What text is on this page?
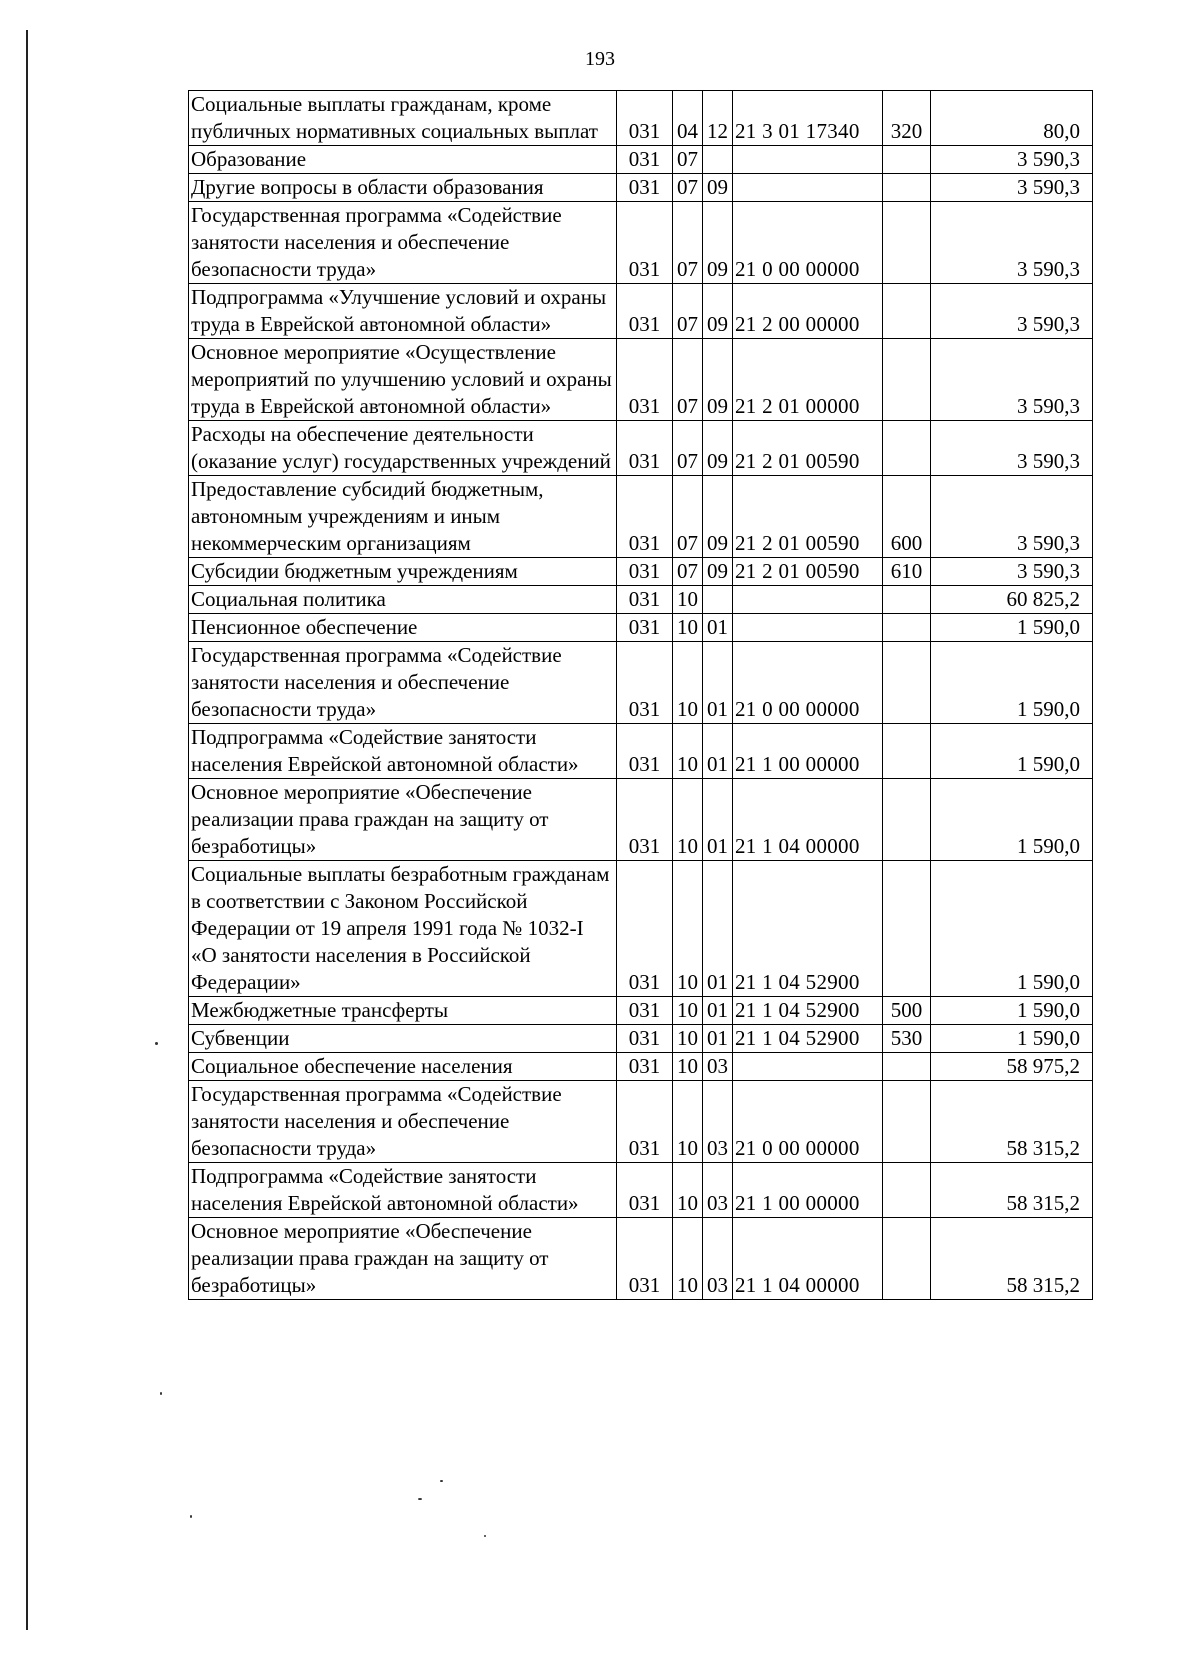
193
Социальные выплаты гражданам, кроме публичных нормативных социальных выплат	031	04	12	21 3 01 17340	320	80,0
Образование	031	07				3 590,3
Другие вопросы в области образования	031	07	09			3 590,3
Государственная программа «Содействие занятости населения и обеспечение безопасности труда»	031	07	09	21 0 00 00000		3 590,3
Подпрограмма «Улучшение условий и охраны труда в Еврейской автономной области»	031	07	09	21 2 00 00000		3 590,3
Основное мероприятие «Осуществление мероприятий по улучшению условий и охраны труда в Еврейской автономной области»	031	07	09	21 2 01 00000		3 590,3
Расходы на обеспечение деятельности (оказание услуг) государственных учреждений	031	07	09	21 2 01 00590		3 590,3
Предоставление субсидий бюджетным, автономным учреждениям и иным некоммерческим организациям	031	07	09	21 2 01 00590	600	3 590,3
Субсидии бюджетным учреждениям	031	07	09	21 2 01 00590	610	3 590,3
Социальная политика	031	10				60 825,2
Пенсионное обеспечение	031	10	01			1 590,0
Государственная программа «Содействие занятости населения и обеспечение безопасности труда»	031	10	01	21 0 00 00000		1 590,0
Подпрограмма «Содействие занятости населения Еврейской автономной области»	031	10	01	21 1 00 00000		1 590,0
Основное мероприятие «Обеспечение реализации права граждан на защиту от безработицы»	031	10	01	21 1 04 00000		1 590,0
Социальные выплаты безработным гражданам в соответствии с Законом Российской Федерации от 19 апреля 1991 года № 1032-I «О занятости населения в Российской Федерации»	031	10	01	21 1 04 52900		1 590,0
Межбюджетные трансферты	031	10	01	21 1 04 52900	500	1 590,0
Субвенции	031	10	01	21 1 04 52900	530	1 590,0
Социальное обеспечение населения	031	10	03			58 975,2
Государственная программа «Содействие занятости населения и обеспечение безопасности труда»	031	10	03	21 0 00 00000		58 315,2
Подпрограмма «Содействие занятости населения Еврейской автономной области»	031	10	03	21 1 00 00000		58 315,2
Основное мероприятие «Обеспечение реализации права граждан на защиту от безработицы»	031	10	03	21 1 04 00000		58 315,2
